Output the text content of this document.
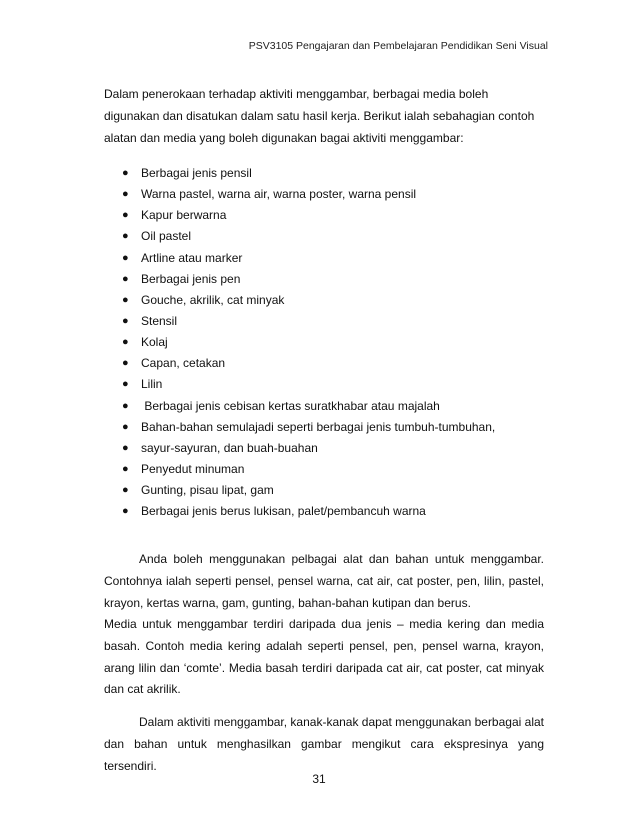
PSV3105 Pengajaran dan Pembelajaran Pendidikan Seni Visual

Dalam penerokaan terhadap aktiviti menggambar, berbagai media boleh digunakan dan disatukan dalam satu hasil kerja. Berikut ialah sebahagian contoh alatan dan media yang boleh digunakan bagai aktiviti menggambar:

● Berbagai jenis pensil
● Warna pastel, warna air, warna poster, warna pensil
● Kapur berwarna
● Oil pastel
● Artline atau marker
● Berbagai jenis pen
● Gouche, akrilik, cat minyak
● Stensil
● Kolaj
● Capan, cetakan
● Lilin
● Berbagai jenis cebisan kertas suratkhabar atau majalah
● Bahan-bahan semulajadi seperti berbagai jenis tumbuh-tumbuhan,
● sayur-sayuran, dan buah-buahan
● Penyedut minuman
● Gunting, pisau lipat, gam
● Berbagai jenis berus lukisan, palet/pembancuh warna

Anda boleh menggunakan pelbagai alat dan bahan untuk menggambar. Contohnya ialah seperti pensel, pensel warna, cat air, cat poster, pen, lilin, pastel, krayon, kertas warna, gam, gunting, bahan-bahan kutipan dan berus.

Media untuk menggambar terdiri daripada dua jenis – media kering dan media basah. Contoh media kering adalah seperti pensel, pen, pensel warna, krayon, arang lilin dan ‘comte’. Media basah terdiri daripada cat air, cat poster, cat minyak dan cat akrilik.

Dalam aktiviti menggambar, kanak-kanak dapat menggunakan berbagai alat dan bahan untuk menghasilkan gambar mengikut cara ekspresinya yang tersendiri.

31
